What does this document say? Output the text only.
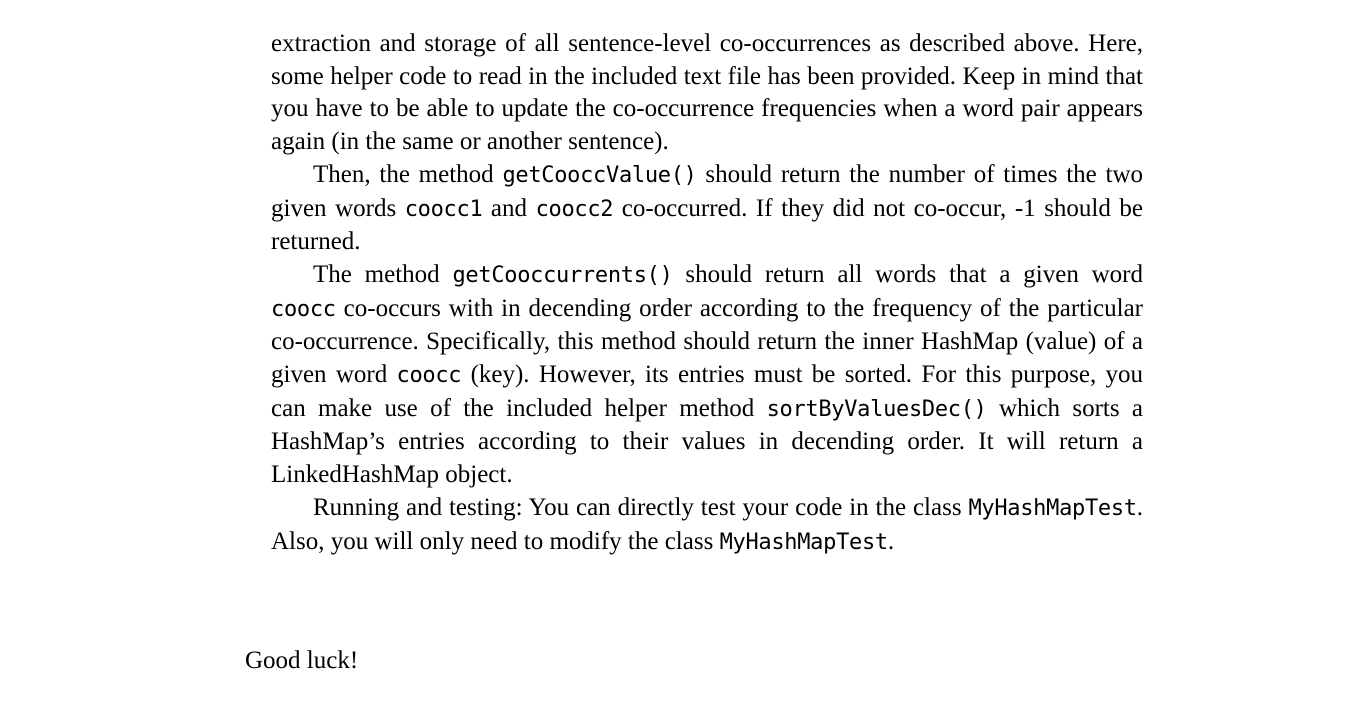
extraction and storage of all sentence-level co-occurrences as described above. Here, some helper code to read in the included text file has been provided. Keep in mind that you have to be able to update the co-occurrence frequencies when a word pair appears again (in the same or another sentence).

Then, the method getCooccValue() should return the number of times the two given words coocc1 and coocc2 co-occurred. If they did not co-occur, -1 should be returned.

The method getCooccurrents() should return all words that a given word coocc co-occurs with in decending order according to the frequency of the particular co-occurrence. Specifically, this method should return the inner HashMap (value) of a given word coocc (key). However, its entries must be sorted. For this purpose, you can make use of the included helper method sortByValuesDec() which sorts a HashMap’s entries according to their values in decending order. It will return a LinkedHashMap object.

Running and testing: You can directly test your code in the class MyHashMapTest. Also, you will only need to modify the class MyHashMapTest.

Good luck!
